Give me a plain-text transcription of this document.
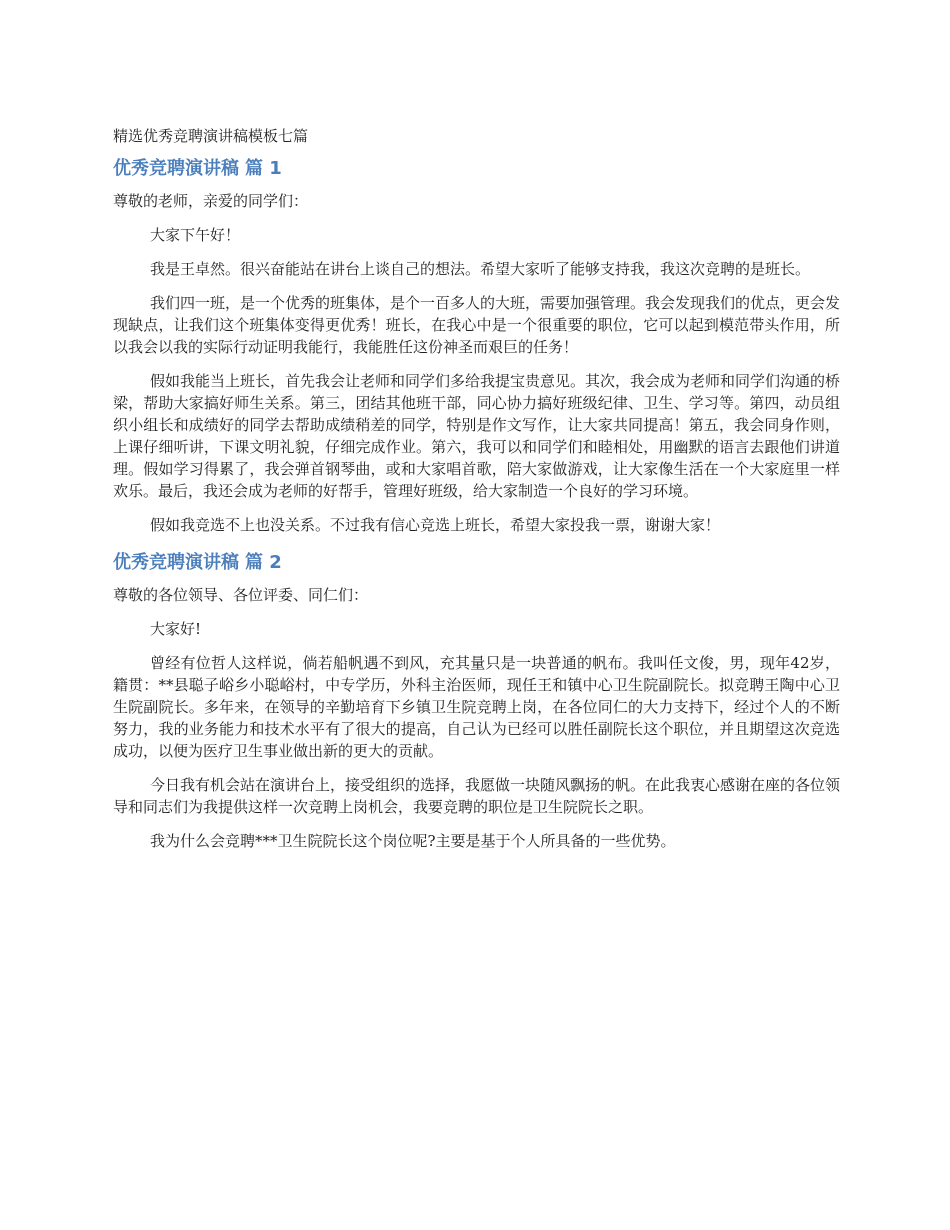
精选优秀竞聘演讲稿模板七篇
优秀竞聘演讲稿 篇 1

尊敬的老师，亲爱的同学们：

大家下午好！

我是王卓然。很兴奋能站在讲台上谈自己的想法。希望大家听了能够支持我，我这次竞聘的是班长。

我们四一班，是一个优秀的班集体，是个一百多人的大班，需要加强管理。我会发现我们的优点，更会发现缺点，让我们这个班集体变得更优秀！班长，在我心中是一个很重要的职位，它可以起到模范带头作用，所以我会以我的实际行动证明我能行，我能胜任这份神圣而艰巨的任务！

假如我能当上班长，首先我会让老师和同学们多给我提宝贵意见。其次，我会成为老师和同学们沟通的桥梁，帮助大家搞好师生关系。第三，团结其他班干部，同心协力搞好班级纪律、卫生、学习等。第四，动员组织小组长和成绩好的同学去帮助成绩稍差的同学，特别是作文写作，让大家共同提高！第五，我会同身作则，上课仔细听讲，下课文明礼貌，仔细完成作业。第六，我可以和同学们和睦相处，用幽默的语言去跟他们讲道理。假如学习得累了，我会弹首钢琴曲，或和大家唱首歌，陪大家做游戏，让大家像生活在一个大家庭里一样欢乐。最后，我还会成为老师的好帮手，管理好班级，给大家制造一个良好的学习环境。

假如我竞选不上也没关系。不过我有信心竞选上班长，希望大家投我一票，谢谢大家！

优秀竞聘演讲稿 篇 2

尊敬的各位领导、各位评委、同仁们：

大家好!

曾经有位哲人这样说，倘若船帆遇不到风，充其量只是一块普通的帆布。我叫任文俊，男，现年42岁，籍贯：**县聪子峪乡小聪峪村，中专学历，外科主治医师，现任王和镇中心卫生院副院长。拟竞聘王陶中心卫生院副院长。多年来，在领导的辛勤培育下乡镇卫生院竞聘上岗，在各位同仁的大力支持下，经过个人的不断努力，我的业务能力和技术水平有了很大的提高，自己认为已经可以胜任副院长这个职位，并且期望这次竞选成功，以便为医疗卫生事业做出新的更大的贡献。

今日我有机会站在演讲台上，接受组织的选择，我愿做一块随风飘扬的帆。在此我衷心感谢在座的各位领导和同志们为我提供这样一次竞聘上岗机会，我要竞聘的职位是卫生院院长之职。

我为什么会竞聘***卫生院院长这个岗位呢?主要是基于个人所具备的一些优势。
